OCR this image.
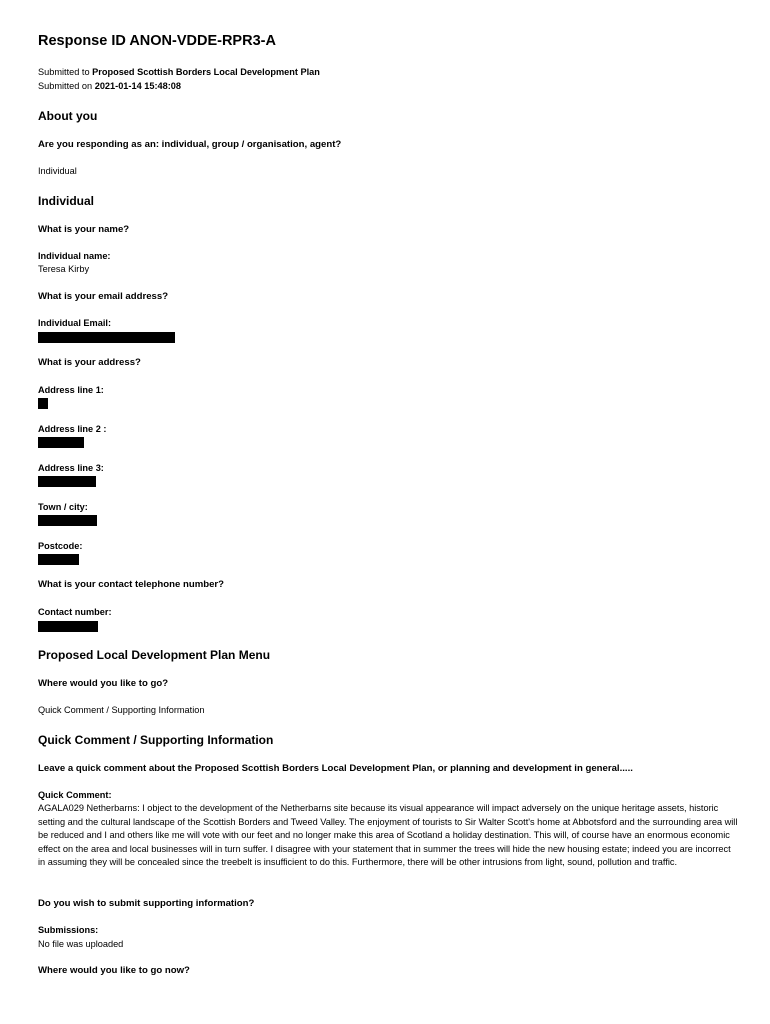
Response ID ANON-VDDE-RPR3-A
Submitted to Proposed Scottish Borders Local Development Plan
Submitted on 2021-01-14 15:48:08
About you
Are you responding as an: individual, group / organisation, agent?
Individual
Individual
What is your name?
Individual name:
Teresa Kirby
What is your email address?
Individual Email:
What is your address?
Address line 1:
Address line 2 :
Address line 3:
Town / city:
Postcode:
What is your contact telephone number?
Contact number:
Proposed Local Development Plan Menu
Where would you like to go?
Quick Comment / Supporting Information
Quick Comment / Supporting Information
Leave a quick comment about the Proposed Scottish Borders Local Development Plan, or planning and development in general.....
Quick Comment:
AGALA029 Netherbarns: I object to the development of the Netherbarns site because its visual appearance will impact adversely on the unique heritage assets, historic setting and the cultural landscape of the Scottish Borders and Tweed Valley. The enjoyment of tourists to Sir Walter Scott's home at Abbotsford and the surrounding area will be reduced and I and others like me will vote with our feet and no longer make this area of Scotland a holiday destination. This will, of course have an enormous economic effect on the area and local businesses will in turn suffer. I disagree with your statement that in summer the trees will hide the new housing estate; indeed you are incorrect in assuming they will be concealed since the treebelt is insufficient to do this. Furthermore, there will be other intrusions from light, sound, pollution and traffic.
Do you wish to submit supporting information?
Submissions:
No file was uploaded
Where would you like to go now?
